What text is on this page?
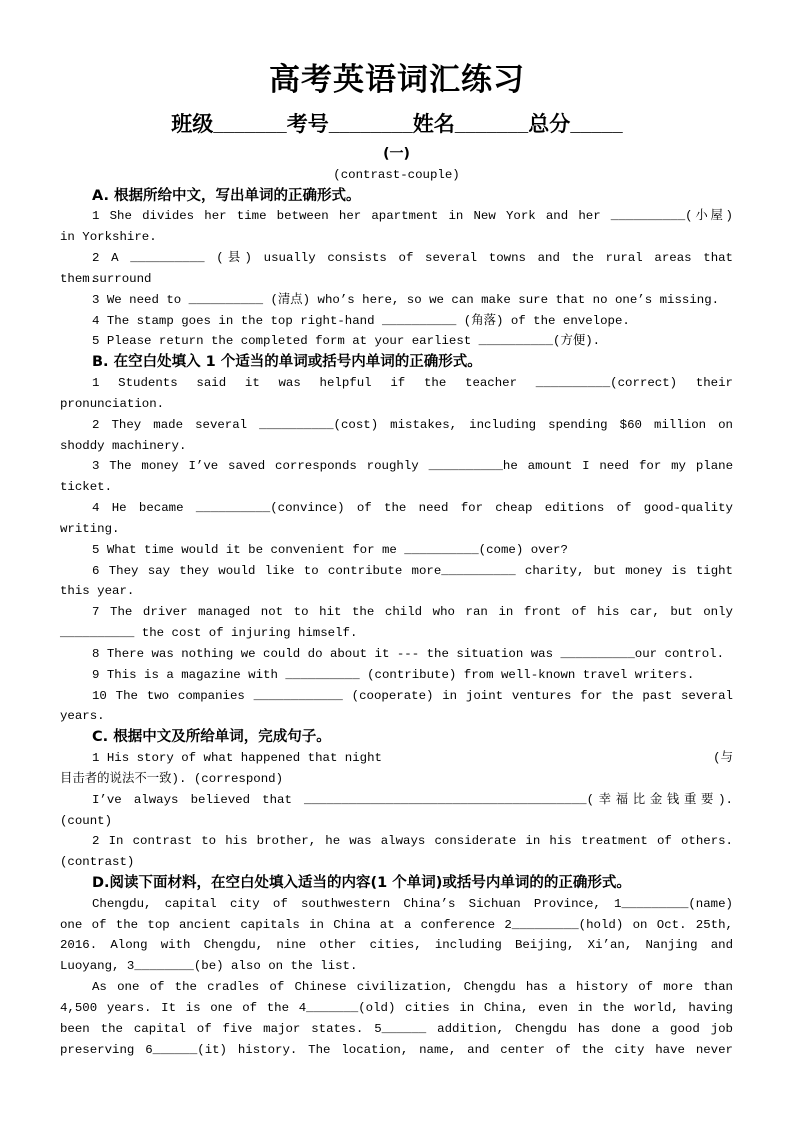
高考英语词汇练习
班级_______考号________姓名_______总分_____
(一)
(contrast-couple)
A. 根据所给中文，写出单词的正确形式。
1 She divides her time between her apartment in New York and her __________(小屋)
in Yorkshire.
2 A __________ (县) usually consists of several towns and the rural areas that surround
them.
3 We need to __________ (清点) who’s here, so we can make sure that no one’s missing.
4 The stamp goes in the top right-hand __________ (角落) of the envelope.
5 Please return the completed form at your earliest __________(方便).
B. 在空白处填入 1 个适当的单词或括号内单词的正确形式。
1 Students said it was helpful if the teacher __________(correct) their
pronunciation.
2 They made several __________(cost) mistakes, including spending $60 million on
shoddy machinery.
3 The money I’ve saved corresponds roughly __________he amount I need for my plane
ticket.
4 He became __________(convince) of the need for cheap editions of good-quality
writing.
5 What time would it be convenient for me __________(come) over?
6 They say they would like to contribute more__________ charity, but money is tight
this year.
7 The driver managed not to hit the child who ran in front of his car, but only
__________ the cost of injuring himself.
8 There was nothing we could do about it --- the situation was __________our control.
9 This is a magazine with __________ (contribute) from well-known travel writers.
10 The two companies ____________ (cooperate) in joint ventures for the past several
years.
C. 根据中文及所给单词，完成句子。
1 His story of what happened that night	(与
目击者的说法不一致). (correspond)
I’ve always believed that ______________________________________(幸福比金钱重要).
(count)
2 In contrast to his brother, he was always considerate in his treatment of others.
(contrast)
D.阅读下面材料，在空白处填入适当的内容(1 个单词)或括号内单词的的正确形式。
Chengdu, capital city of southwestern China’s Sichuan Province, 1_________(name)
one of the top ancient capitals in China at a conference 2_________(hold) on Oct. 25th,
2016. Along with Chengdu, nine other cities, including Beijing, Xi’an, Nanjing and
Luoyang, 3________(be) also on the list.
As one of the cradles of Chinese civilization, Chengdu has a history of more than
4,500 years. It is one of the 4_______(old) cities in China, even in the world, having
been the capital of five major states. 5______ addition, Chengdu has done a good job
preserving 6______(it) history. The location, name, and center of the city have never
